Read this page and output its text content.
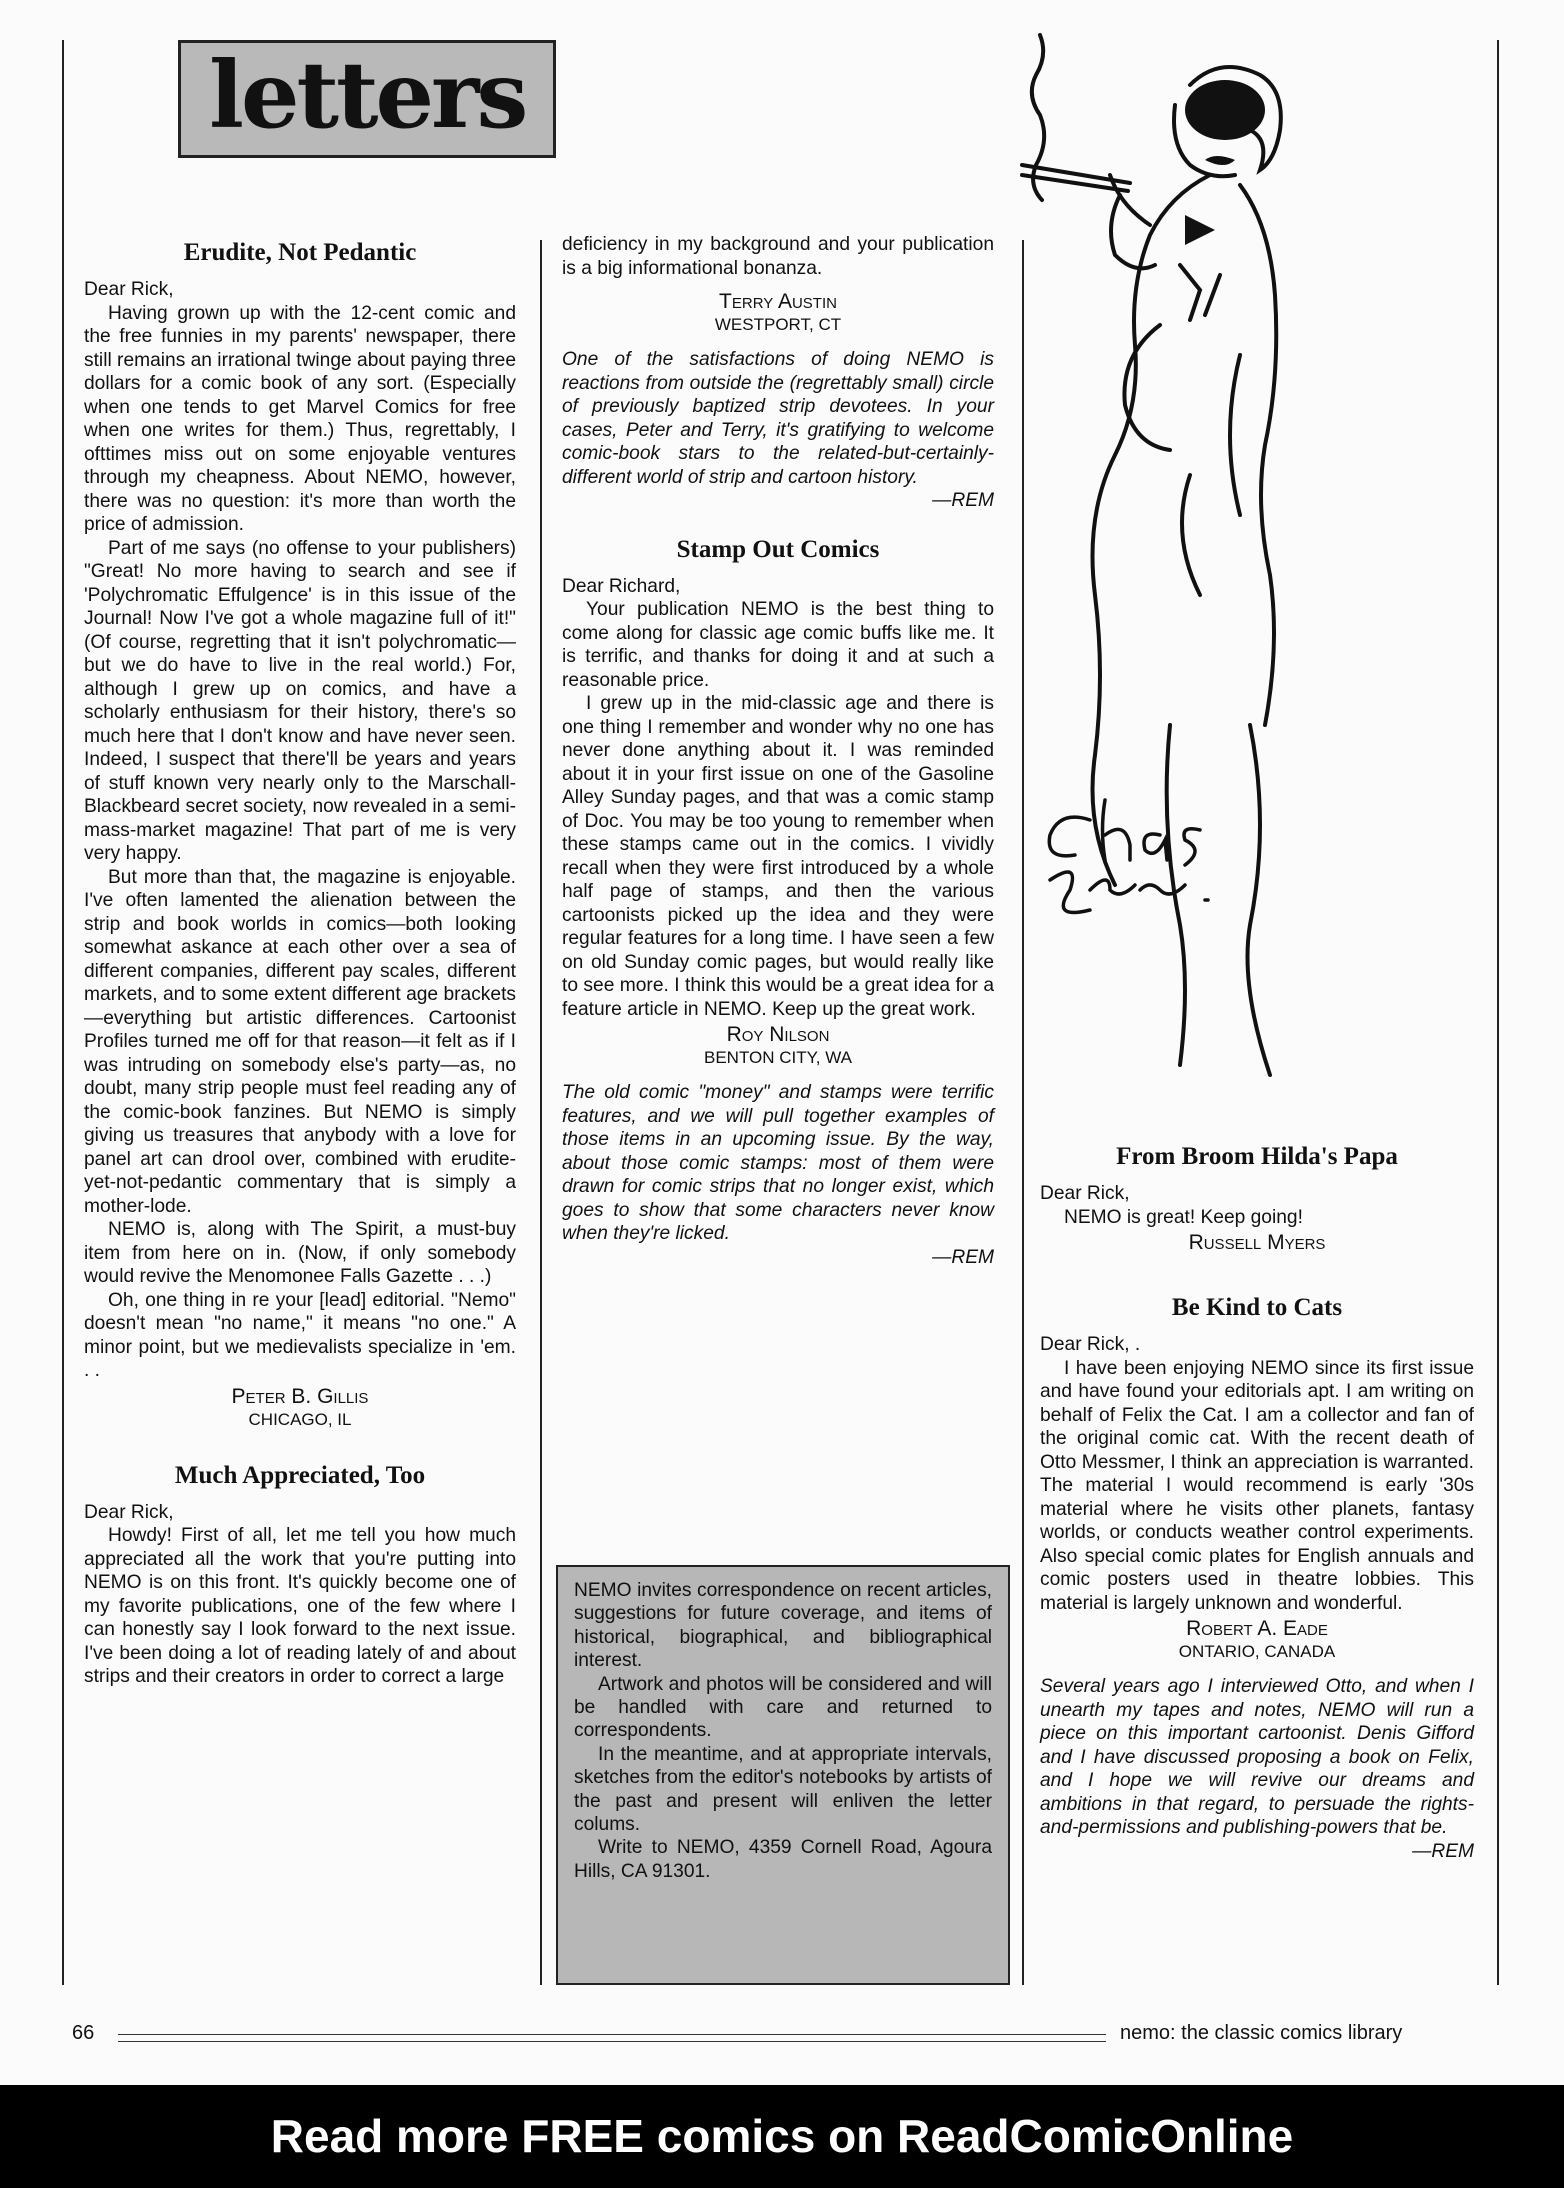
letters
Erudite, Not Pedantic

Dear Rick,

Having grown up with the 12-cent comic and the free funnies in my parents' newspaper, there still remains an irrational twinge about paying three dollars for a comic book of any sort. (Especially when one tends to get Marvel Comics for free when one writes for them.) Thus, regrettably, I ofttimes miss out on some enjoyable ventures through my cheapness. About NEMO, however, there was no question: it's more than worth the price of admission.

Part of me says (no offense to your publishers) "Great! No more having to search and see if 'Polychromatic Effulgence' is in this issue of the Journal! Now I've got a whole magazine full of it!" (Of course, regretting that it isn't polychromatic—but we do have to live in the real world.) For, although I grew up on comics, and have a scholarly enthusiasm for their history, there's so much here that I don't know and have never seen. Indeed, I suspect that there'll be years and years of stuff known very nearly only to the Marschall-Blackbeard secret society, now revealed in a semi-mass-market magazine! That part of me is very very happy.

But more than that, the magazine is enjoyable. I've often lamented the alienation between the strip and book worlds in comics—both looking somewhat askance at each other over a sea of different companies, different pay scales, different markets, and to some extent different age brackets—everything but artistic differences. Cartoonist Profiles turned me off for that reason—it felt as if I was intruding on somebody else's party—as, no doubt, many strip people must feel reading any of the comic-book fanzines. But NEMO is simply giving us treasures that anybody with a love for panel art can drool over, combined with erudite-yet-not-pedantic commentary that is simply a mother-lode.

NEMO is, along with The Spirit, a must-buy item from here on in. (Now, if only somebody would revive the Menomonee Falls Gazette . . .)

Oh, one thing in re your [lead] editorial. "Nemo" doesn't mean "no name," it means "no one." A minor point, but we medievalists specialize in 'em. . .

Peter B. Gillis
CHICAGO, IL
Much Appreciated, Too

Dear Rick,

Howdy! First of all, let me tell you how much appreciated all the work that you're putting into NEMO is on this front. It's quickly become one of my favorite publications, one of the few where I can honestly say I look forward to the next issue. I've been doing a lot of reading lately of and about strips and their creators in order to correct a large

deficiency in my background and your publication is a big informational bonanza.

Terry Austin
WESTPORT, CT

One of the satisfactions of doing NEMO is reactions from outside the (regrettably small) circle of previously baptized strip devotees. In your cases, Peter and Terry, it's gratifying to welcome comic-book stars to the related-but-certainly-different world of strip and cartoon history.

—REM
Stamp Out Comics

Dear Richard,

Your publication NEMO is the best thing to come along for classic age comic buffs like me. It is terrific, and thanks for doing it and at such a reasonable price.

I grew up in the mid-classic age and there is one thing I remember and wonder why no one has never done anything about it. I was reminded about it in your first issue on one of the Gasoline Alley Sunday pages, and that was a comic stamp of Doc. You may be too young to remember when these stamps came out in the comics. I vividly recall when they were first introduced by a whole half page of stamps, and then the various cartoonists picked up the idea and they were regular features for a long time. I have seen a few on old Sunday comic pages, but would really like to see more. I think this would be a great idea for a feature article in NEMO. Keep up the great work.

Roy Nilson
BENTON CITY, WA

The old comic "money" and stamps were terrific features, and we will pull together examples of those items in an upcoming issue. By the way, about those comic stamps: most of them were drawn for comic strips that no longer exist, which goes to show that some characters never know when they're licked.

—REM

NEMO invites correspondence on recent articles, suggestions for future coverage, and items of historical, biographical, and bibliographical interest.

Artwork and photos will be considered and will be handled with care and returned to correspondents.

In the meantime, and at appropriate intervals, sketches from the editor's notebooks by artists of the past and present will enliven the letter colums.

Write to NEMO, 4359 Cornell Road, Agoura Hills, CA 91301.

From Broom Hilda's Papa

Dear Rick,

NEMO is great! Keep going!

Russell Myers
Be Kind to Cats

Dear Rick, .

I have been enjoying NEMO since its first issue and have found your editorials apt. I am writing on behalf of Felix the Cat. I am a collector and fan of the original comic cat. With the recent death of Otto Messmer, I think an appreciation is warranted. The material I would recommend is early '30s material where he visits other planets, fantasy worlds, or conducts weather control experiments. Also special comic plates for English annuals and comic posters used in theatre lobbies. This material is largely unknown and wonderful.

Robert A. Eade
ONTARIO, CANADA

Several years ago I interviewed Otto, and when I unearth my tapes and notes, NEMO will run a piece on this important cartoonist. Denis Gifford and I have discussed proposing a book on Felix, and I hope we will revive our dreams and ambitions in that regard, to persuade the rights-and-permissions and publishing-powers that be.

—REM
66	nemo: the classic comics library
Read more FREE comics on ReadComicOnline
